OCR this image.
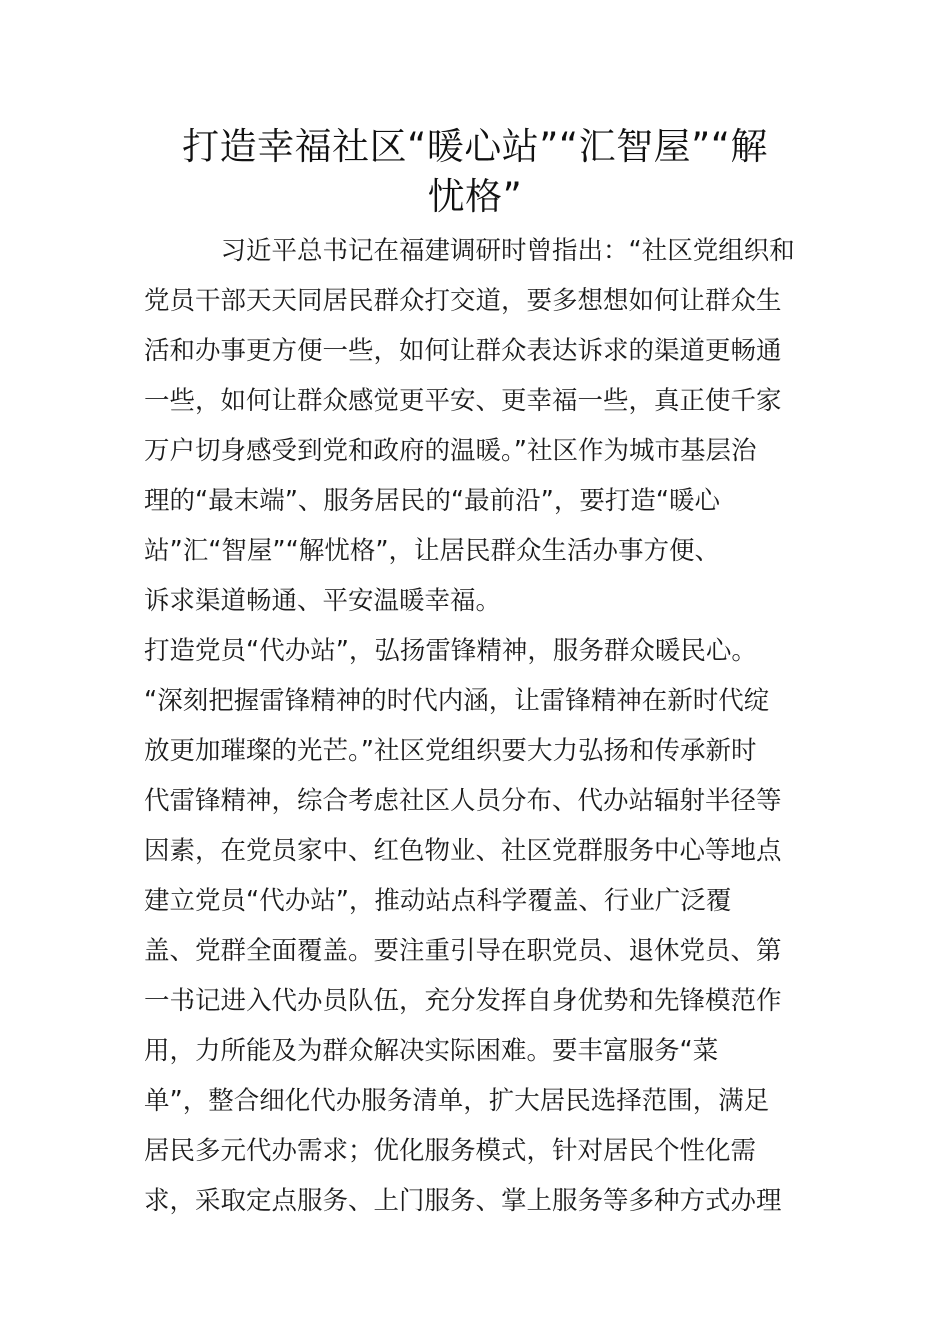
打造幸福社区“暖心站”“汇智屋”“解
忧格”
　　　习近平总书记在福建调研时曾指出：“社区党组织和
党员干部天天同居民群众打交道，要多想想如何让群众生
活和办事更方便一些，如何让群众表达诉求的渠道更畅通
一些，如何让群众感觉更平安、更幸福一些，真正使千家
万户切身感受到党和政府的温暖。”社区作为城市基层治
理的“最末端”、服务居民的“最前沿”，要打造“暖心
站”汇“智屋”“解忧格”，让居民群众生活办事方便、
诉求渠道畅通、平安温暖幸福。
打造党员“代办站”，弘扬雷锋精神，服务群众暖民心。
“深刻把握雷锋精神的时代内涵，让雷锋精神在新时代绽
放更加璀璨的光芒。”社区党组织要大力弘扬和传承新时
代雷锋精神，综合考虑社区人员分布、代办站辐射半径等
因素，在党员家中、红色物业、社区党群服务中心等地点
建立党员“代办站”，推动站点科学覆盖、行业广泛覆
盖、党群全面覆盖。要注重引导在职党员、退休党员、第
一书记进入代办员队伍，充分发挥自身优势和先锋模范作
用，力所能及为群众解决实际困难。要丰富服务“菜
单”，整合细化代办服务清单，扩大居民选择范围，满足
居民多元代办需求；优化服务模式，针对居民个性化需
求，采取定点服务、上门服务、掌上服务等多种方式办理
